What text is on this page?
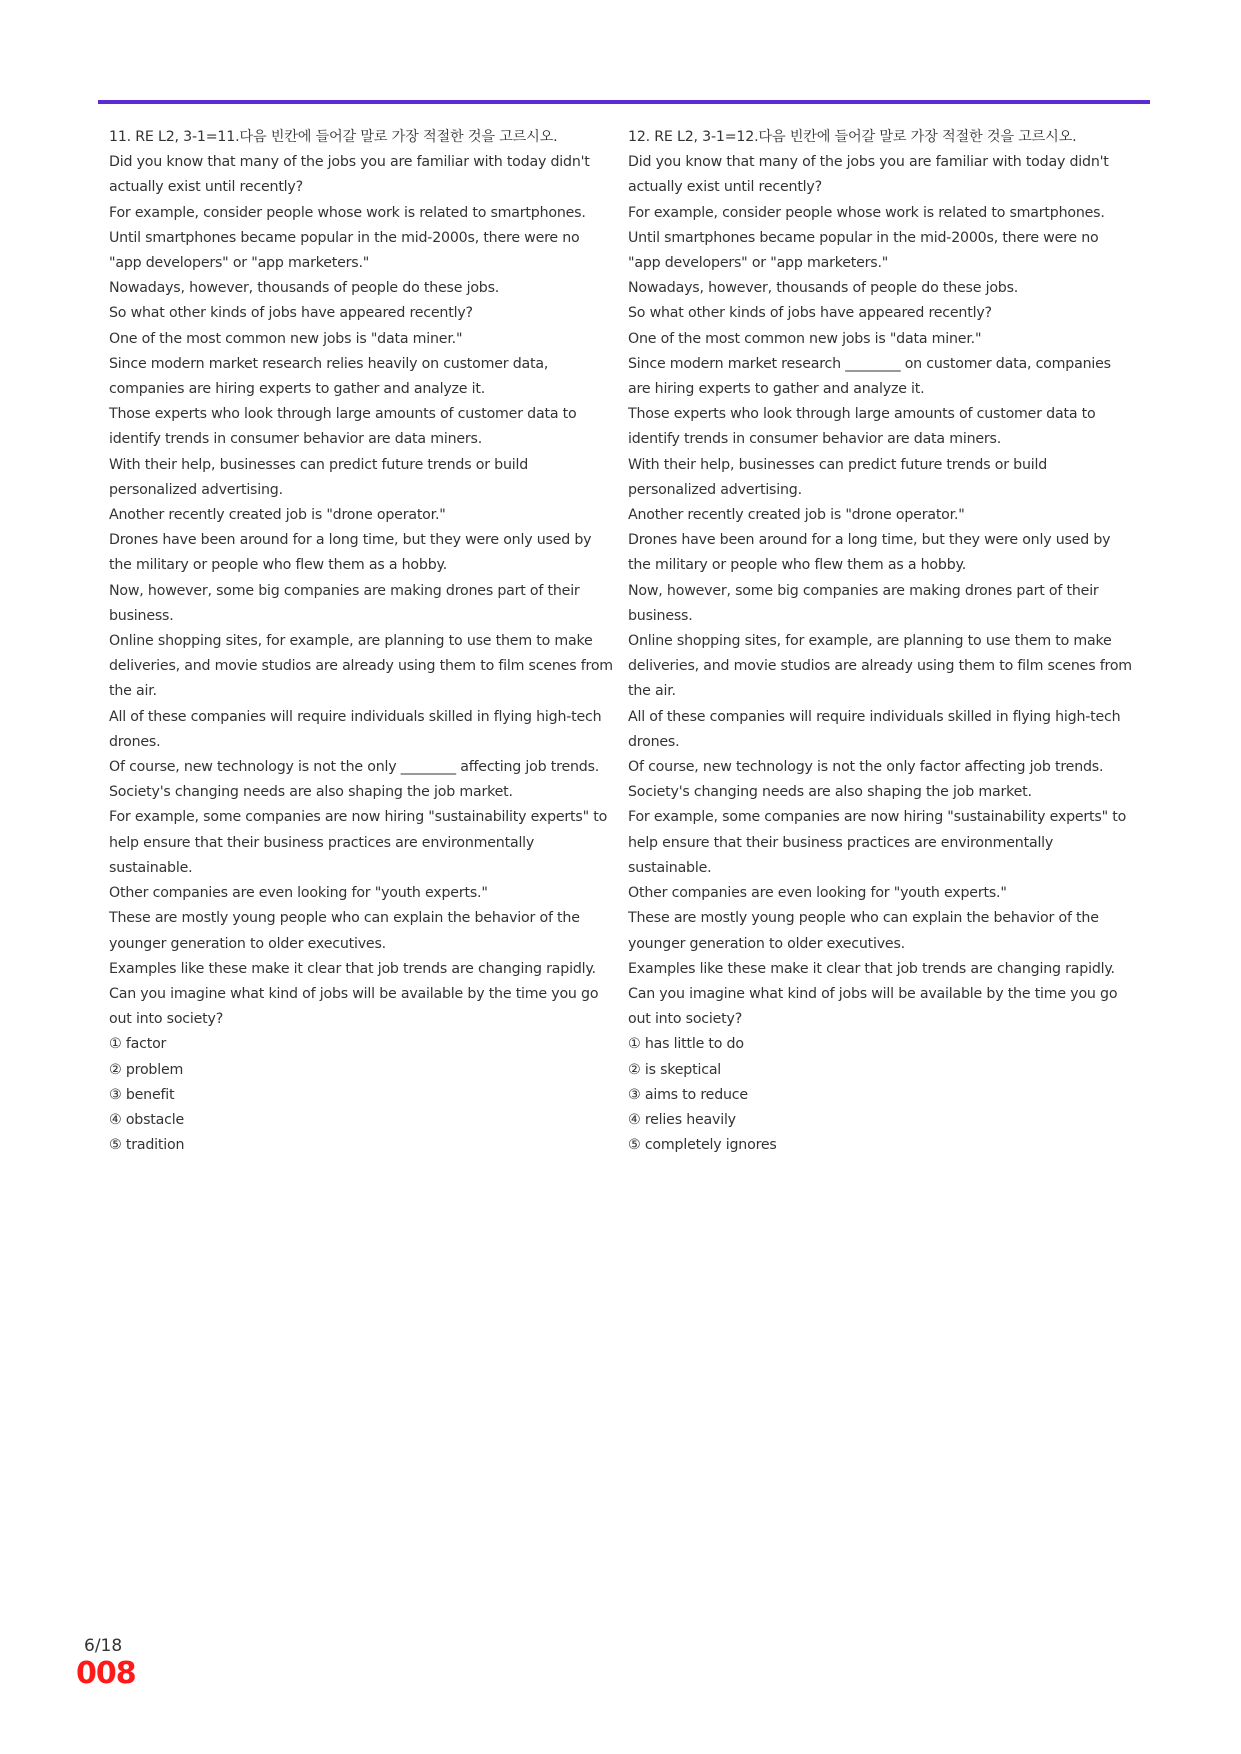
11. RE L2, 3-1=11.다음 빈칸에 들어갈 말로 가장 적절한 것을 고르시오.
Did you know that many of the jobs you are familiar with today didn't actually exist until recently?
For example, consider people whose work is related to smartphones.
Until smartphones became popular in the mid-2000s, there were no "app developers" or "app marketers."
Nowadays, however, thousands of people do these jobs.
So what other kinds of jobs have appeared recently?
One of the most common new jobs is "data miner."
Since modern market research relies heavily on customer data, companies are hiring experts to gather and analyze it.
Those experts who look through large amounts of customer data to identify trends in consumer behavior are data miners.
With their help, businesses can predict future trends or build personalized advertising.
Another recently created job is "drone operator."
Drones have been around for a long time, but they were only used by the military or people who flew them as a hobby.
Now, however, some big companies are making drones part of their business.
Online shopping sites, for example, are planning to use them to make deliveries, and movie studios are already using them to film scenes from the air.
All of these companies will require individuals skilled in flying high-tech drones.
Of course, new technology is not the only ________ affecting job trends.
Society's changing needs are also shaping the job market.
For example, some companies are now hiring "sustainability experts" to help ensure that their business practices are environmentally sustainable.
Other companies are even looking for "youth experts."
These are mostly young people who can explain the behavior of the younger generation to older executives.
Examples like these make it clear that job trends are changing rapidly.
Can you imagine what kind of jobs will be available by the time you go out into society?
① factor
② problem
③ benefit
④ obstacle
⑤ tradition
12. RE L2, 3-1=12.다음 빈칸에 들어갈 말로 가장 적절한 것을 고르시오.
Did you know that many of the jobs you are familiar with today didn't actually exist until recently?
For example, consider people whose work is related to smartphones.
Until smartphones became popular in the mid-2000s, there were no "app developers" or "app marketers."
Nowadays, however, thousands of people do these jobs.
So what other kinds of jobs have appeared recently?
One of the most common new jobs is "data miner."
Since modern market research ________ on customer data, companies are hiring experts to gather and analyze it.
Those experts who look through large amounts of customer data to identify trends in consumer behavior are data miners.
With their help, businesses can predict future trends or build personalized advertising.
Another recently created job is "drone operator."
Drones have been around for a long time, but they were only used by the military or people who flew them as a hobby.
Now, however, some big companies are making drones part of their business.
Online shopping sites, for example, are planning to use them to make deliveries, and movie studios are already using them to film scenes from the air.
All of these companies will require individuals skilled in flying high-tech drones.
Of course, new technology is not the only factor affecting job trends.
Society's changing needs are also shaping the job market.
For example, some companies are now hiring "sustainability experts" to help ensure that their business practices are environmentally sustainable.
Other companies are even looking for "youth experts."
These are mostly young people who can explain the behavior of the younger generation to older executives.
Examples like these make it clear that job trends are changing rapidly.
Can you imagine what kind of jobs will be available by the time you go out into society?
① has little to do
② is skeptical
③ aims to reduce
④ relies heavily
⑤ completely ignores
6/18
008
